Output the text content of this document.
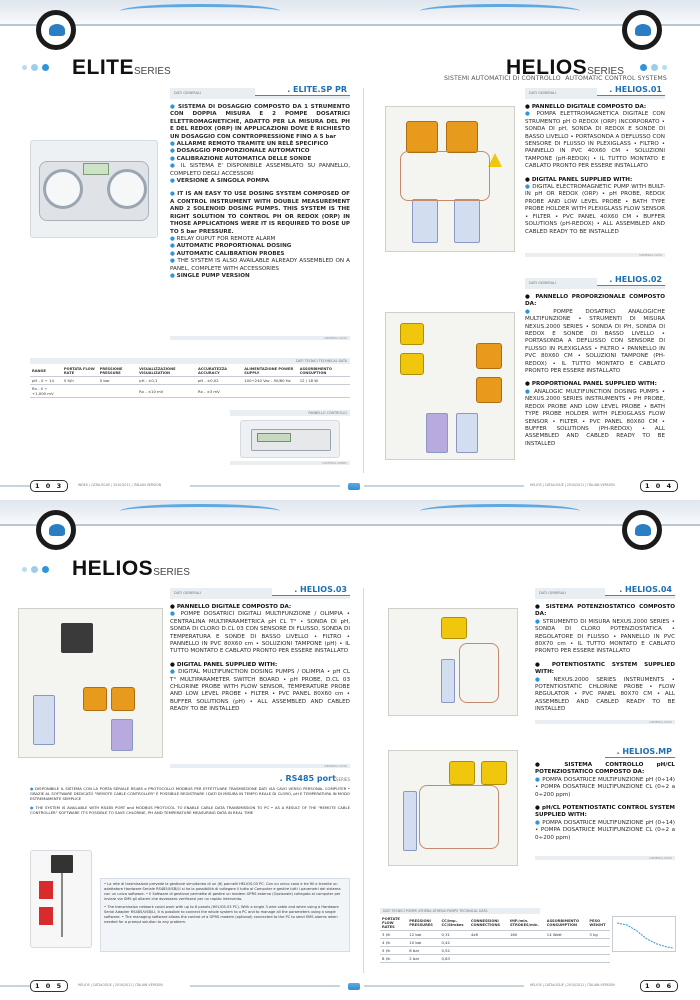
ELITESERIES	HELIOSSERIES
SISTEMI AUTOMATICI DI CONTROLLO AUTOMATIC CONTROL SYSTEMS
DATI GENERALI	. ELITE.SP PR

● SISTEMA DI DOSAGGIO COMPOSTO DA 1 STRUMENTO CON DOPPIA MISURA E 2 POMPE DOSATRICI ELETTROMAGNETICHE, ADATTO PER LA MISURA DEL PH E DEL REDOX (ORP) IN APPLICAZIONI DOVE È RICHIESTO UN DOSAGGIO CON CONTROPRESSIONE FINO A 5 bar

● ALLARME REMOTO TRAMITE UN RELÈ SPECIFICO

● DOSAGGIO PROPORZIONALE AUTOMATICO

● CALIBRAZIONE AUTOMATICA DELLE SONDE

● IL SISTEMA E' DISPONIBILE ASSEMBLATO SU PANNELLO, COMPLETO DEGLI ACCESSORI

● VERSIONE A SINGOLA POMPA

● IT IS AN EASY TO USE DOSING SYSTEM COMPOSED OF A CONTROL INSTRUMENT WITH DOUBLE MEASUREMENT AND 2 SOLENOID DOSING PUMPS. THIS SYSTEM IS THE RIGHT SOLUTION TO CONTROL PH OR REDOX (ORP) IN THOSE APPLICATIONS WERE IT IS REQUIRED TO DOSE UP TO 5 bar PRESSURE.

● RELAY OUPUT FOR REMOTE ALARM

● AUTOMATIC PROPORTIONAL DOSING

● AUTOMATIC CALIBRATION PROBES

● THE SYSTEM IS ALSO AVAILABLE ALREADY ASSEMBLED ON A PANEL, COMPLETE WITH ACCESSORIES

● SINGLE PUMP VERSION

GENERAL DATA
DATI TECNICI TECHNICAL DATA
RANGE	PORTATA FLOW RATE	PRESSIONE PRESSURE	VISUALIZZAZIONE VISUALIZATION	ACCURATEZZA ACCURACY	ALIMENTAZIONE POWER SUPPLY	ASSORBIMENTO CONSUPTION
pH - 0 ÷ 14	5 lt/h	5 bar	pH - ±0,1	pH - ±0,02	100÷240 Vac - 50/60 Hz	12 / 18 W
Rx - 0 ÷ +1.000 mV			Rx - ±10 mV	Rx - ±3 mV		
PANNELLO CONTROLLO
CONTROL PANEL
DATI GENERALI	. HELIOS.01

● PANNELLO DIGITALE COMPOSTO DA:

● POMPA ELETTROMAGNETICA DIGITALE CON STRUMENTO pH O REDOX (ORP) INCORPORATO • SONDA DI pH, SONDA DI REDOX E SONDE DI BASSO LIVELLO • PORTASONDA A DEFLUSSO CON SENSORE DI FLUSSO IN PLEXIGLASS • FILTRO • PANNELLO IN PVC 40X60 CM • SOLUZIONI TAMPONE (pH-REDOX) • IL TUTTO MONTATO E CABLATO PRONTO PER ESSERE INSTALLATO

● DIGITAL PANEL SUPPLIED WITH:

● DIGITAL ELECTROMAGNETIC PUMP WITH BUILT-IN pH OR REDOX (ORP) • pH PROBE, REDOX PROBE AND LOW LEVEL PROBE • BATH TYPE PROBE HOLDER WITH PLEXIGLASS FLOW SENSOR • FILTER • PVC PANEL 40X60 CM • BUFFER SOLUTIONS (pH-REDOX) • ALL ASSEMBLED AND CABLED READY TO BE INSTALLED

GENERAL DATA
DATI GENERALI	. HELIOS.02

● PANNELLO PROPORZIONALE COMPOSTO DA:

● POMPE DOSATRICI ANALOGICHE MULTIFUNZIONE • STRUMENTI DI MISURA NEXUS.2000 SERIES • SONDA DI PH, SONDA DI REDOX E SONDE DI BASSO LIVELLO • PORTASONDA A DEFLUSSO CON SENSORE DI FLUSSO IN PLEXIGLASS • FILTRO • PANNELLO IN PVC 80X60 CM • SOLUZIONI TAMPONE (PH-REDOX) • IL TUTTO MONTATO E CABLATO PRONTO PER ESSERE INSTALLATO

● PROPORTIONAL PANEL SUPPLIED WITH:

● ANALOGIC MULTIFUNCTION DOSING PUMPS • NEXUS.2000 SERIES INSTRUMENTS • PH PROBE, REDOX PROBE AND LOW LEVEL PROBE • BATH TYPE PROBE HOLDER WITH PLEXIGLASS FLOW SENSOR • FILTER • PVC PANEL 80X60 CM • BUFFER SOLUTIONS (PH-REDOX) • ALL ASSEMBLED AND CABLED READY TO BE INSTALLED

1 0 3	INDEX | CATALOGUE | 2010/2011 | ITALIAN VERSION	HELIOS | CATALOGUE | 2010/2011 | ITALIAN VERSION	1 0 4
HELIOSSERIES
DATI GENERALI	. HELIOS.03

● PANNELLO DIGITALE COMPOSTO DA:

● POMPE DOSATRICI DIGITALI MULTIFUNZIONE / OLIMPIA • CENTRALINA MULTIPARAMETRICA pH CL T° • SONDA DI pH, SONDA DI CLORO D.CL 03 CON SENSORE DI FLUSSO, SONDA DI TEMPERATURA E SONDE DI BASSO LIVELLO • FILTRO • PANNELLO IN PVC 80X60 cm • SOLUZIONI TAMPONE (pH) • IL TUTTO MONTATO E CABLATO PRONTO PER ESSERE INSTALLATO

● DIGITAL PANEL SUPPLIED WITH:

● DIGITAL MULTIFUNCTION DOSING PUMPS / OLIMPIA • pH CL T° MULTIPARAMETER SWITCH BOARD • pH PROBE, D.CL 03 CHLORINE PROBE WITH FLOW SENSOR, TEMPERATURE PROBE AND LOW LEVEL PROBE • FILTER • PVC PANEL 80X60 cm • BUFFER SOLUTIONS (pH) • ALL ASSEMBLED AND CABLED READY TO BE INSTALLED

GENERAL DATA
. RS485 portSERIES

● DISPONIBILE IL SISTEMA CON LA PORTA SERIALE RS485 e PROTOCOLLO MODBUS PER EFFETTUARE TRASMISSIONE DATI VIA CAVO VERSO PERSONAL COMPUTER • GRAZIE AL SOFTWARE DEDICATO "REMOTE CABLE CONTROLLER" È POSSIBILE REGISTRARE I DATI DI MISURA IN TEMPO REALE DI CLORO, pH E TEMPERATURA IN MODO ESTREMAMENTE SEMPLICE

● THE SYSTEM IS AVAILABLE WITH RS485 PORT and MODBUS PROTOCOL TO ENABLE CABLE DATA TRANSMISSION TO PC • AS A RESULT OF THE "REMOTE CABLE CONTROLLER" SOFTWARE IT'S POSSIBLE TO SAVE CHLORINE, PH AND TEMPERATURE MEASURING DATA IN REAL TIME

• La rete di trasmissione prevede la gestione simultanea di un (6) pannelli HELIOS.03 PC. Con un unico cavo e tre fili e tramite un adattatore Hardware Seriale RS485/USB/LI si ha la possibilità di collegare il tutto al Computer e gestire tutti i parametri del sistema con un unico software. • Il Software di gestione permette di gestire un modem GPRS esterno (Opzionale) collegato al computer per inviare via SMS gli allarmi che dovessero verificarsi per un rapido intervento.

• The transmission network could work with up to 6 panels (HELIOS.03 PC). With a single 3 wire cable and when using a Hardware Serial Adapter RS485/USB/LI, it is possible to connect the whole system to a PC and to manage all the parameters using a single software. • The managing software allows the control of a GPRS modem (optional) connected to the PC to send SMS alarms when needed for a prompt solution to any problem.

DATI GENERALI	. HELIOS.04

● SISTEMA POTENZIOSTATICO COMPOSTO DA:

● STRUMENTO DI MISURA NEXUS.2000 SERIES • SONDA DI CLORO POTENZIOSTATICA • REGOLATORE DI FLUSSO • PANNELLO IN PVC 80X70 cm • IL TUTTO MONTATO E CABLATO PRONTO PER ESSERE INSTALLATO

● POTENTIOSTATIC SYSTEM SUPPLIED WITH:

● NEXUS.2000 SERIES INSTRUMENTS • POTENTIOSTATIC CHLORINE PROBE • FLOW REGULATOR • PVC PANEL 80X70 CM • ALL ASSEMBLED AND CABLED READY TO BE INSTALLED

GENERAL DATA
. HELIOS.MP

● SISTEMA CONTROLLO pH/CL POTENZIOSTATICO COMPOSTO DA:

● POMPA DOSATRICE MULTIFUNZIONE pH (0÷14) • POMPA DOSATRICE MULTIFUNZIONE CL (0÷2 a 0÷200 ppm)

● pH/CL POTENTIOSTATIC CONTROL SYSTEM SUPPLIED WITH:

● POMPA DOSATRICE MULTIFUNZIONE pH (0÷14) • POMPA DOSATRICE MULTIFUNZIONE CL (0÷2 a 0÷200 ppm)

GENERAL DATA
DATI TECNICI POMPE ATHENA ATHENA PUMPS TECHNICAL DATA
PORTATE FLOW RATES	PRESSIONI PRESSURES	CC/imp. CC/Strokes	CONNESSIONI CONNECTIONS	IMP./min. STROKES/min.	ASSORBIMENTO CONSUMPTION	PESO WEIGHT
3 l/h	12 bar	0,31	4x6	160	14 Watt	3 kg
4 l/h	10 bar	0,42				
5 l/h	8 bar	0,52				
8 l/h	2 bar	0,83				
1 0 5	HELIOS | CATALOGUE | 2010/2011 | ITALIAN VERSION	HELIOS | CATALOGUE | 2010/2011 | ITALIAN VERSION	1 0 6
